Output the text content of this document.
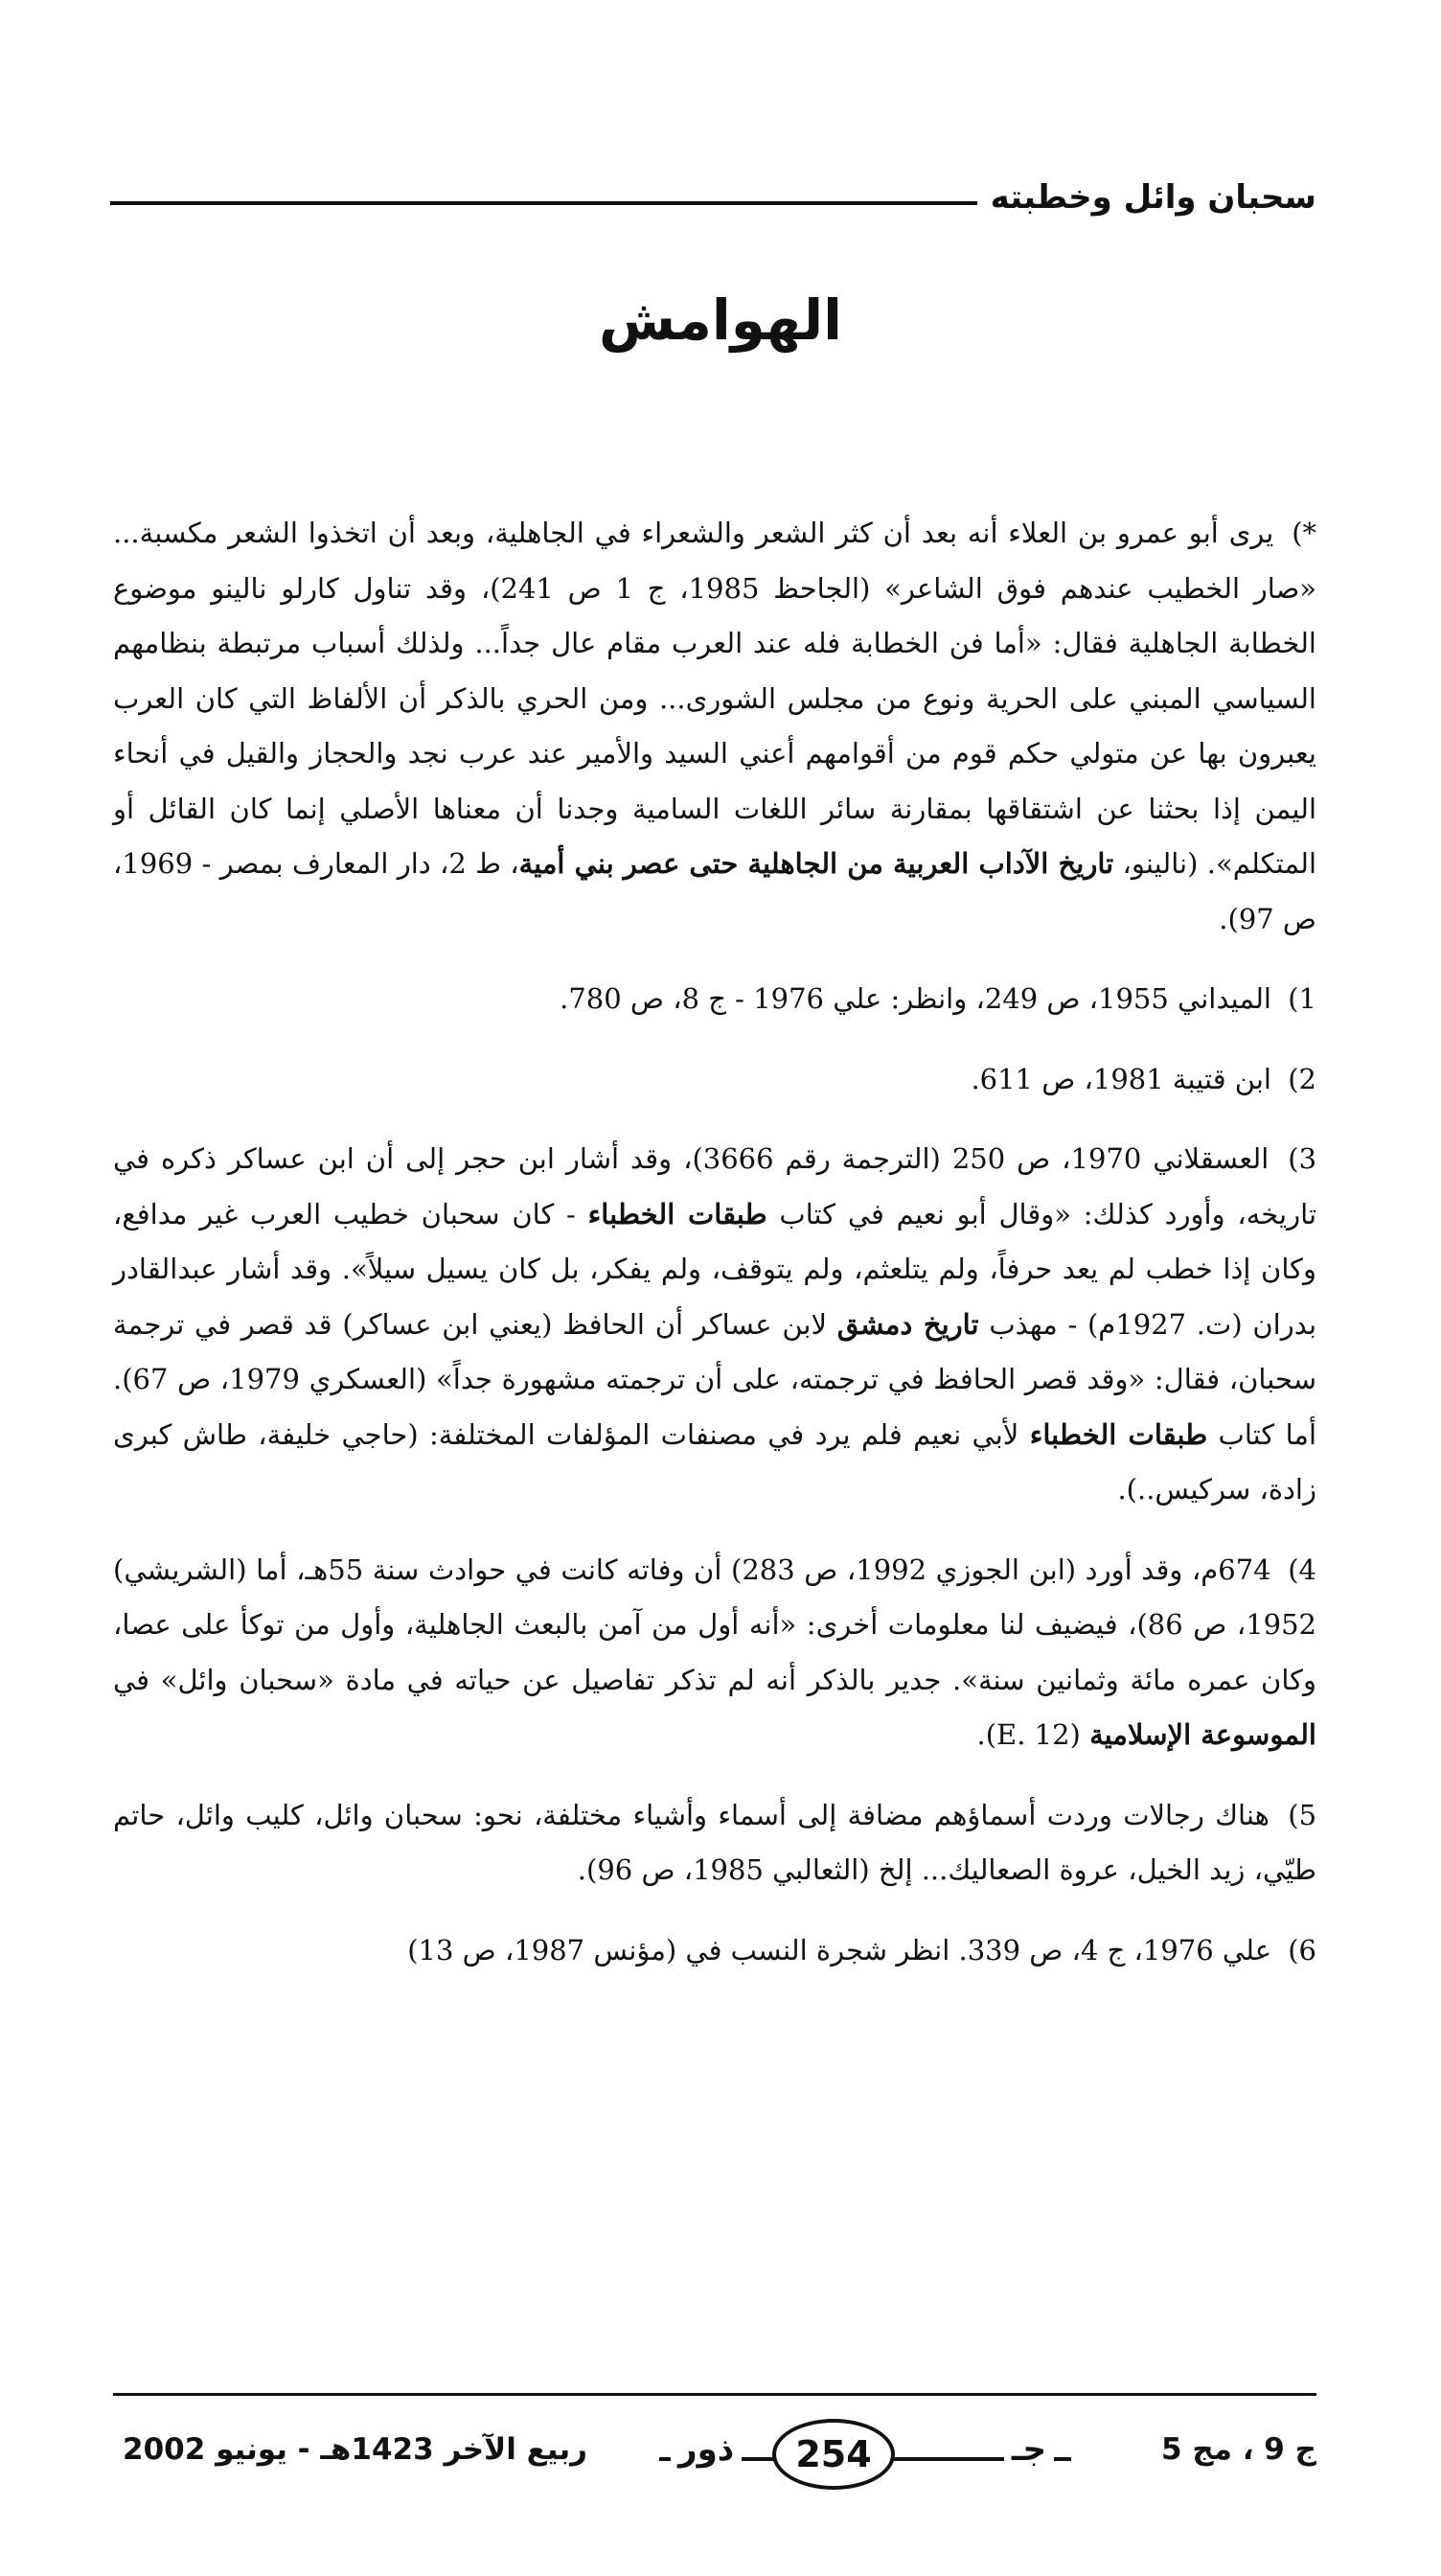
سحبان وائل وخطبته
الهوامش

*) يرى أبو عمرو بن العلاء أنه بعد أن كثر الشعر والشعراء في الجاهلية، وبعد أن اتخذوا الشعر مكسبة... «صار الخطيب عندهم فوق الشاعر» (الجاحظ 1985، ج 1 ص 241)، وقد تناول كارلو نالينو موضوع الخطابة الجاهلية فقال: «أما فن الخطابة فله عند العرب مقام عال جداً... ولذلك أسباب مرتبطة بنظامهم السياسي المبني على الحرية ونوع من مجلس الشورى... ومن الحري بالذكر أن الألفاظ التي كان العرب يعبرون بها عن متولي حكم قوم من أقوامهم أعني السيد والأمير عند عرب نجد والحجاز والقيل في أنحاء اليمن إذا بحثنا عن اشتقاقها بمقارنة سائر اللغات السامية وجدنا أن معناها الأصلي إنما كان القائل أو المتكلم». (نالينو، تاريخ الآداب العربية من الجاهلية حتى عصر بني أمية، ط 2، دار المعارف بمصر - 1969، ص 97).

1) الميداني 1955، ص 249، وانظر: علي 1976 - ج 8، ص 780.

2) ابن قتيبة 1981، ص 611.

3) العسقلاني 1970، ص 250 (الترجمة رقم 3666)، وقد أشار ابن حجر إلى أن ابن عساكر ذكره في تاريخه، وأورد كذلك: «وقال أبو نعيم في كتاب طبقات الخطباء - كان سحبان خطيب العرب غير مدافع، وكان إذا خطب لم يعد حرفاً، ولم يتلعثم، ولم يتوقف، ولم يفكر، بل كان يسيل سيلاً». وقد أشار عبدالقادر بدران (ت. 1927م) - مهذب تاريخ دمشق لابن عساكر أن الحافظ (يعني ابن عساكر) قد قصر في ترجمة سحبان، فقال: «وقد قصر الحافظ في ترجمته، على أن ترجمته مشهورة جداً» (العسكري 1979، ص 67). أما كتاب طبقات الخطباء لأبي نعيم فلم يرد في مصنفات المؤلفات المختلفة: (حاجي خليفة، طاش كبرى زادة، سركيس..).

4) 674م، وقد أورد (ابن الجوزي 1992، ص 283) أن وفاته كانت في حوادث سنة 55هـ، أما (الشريشي) 1952، ص 86)، فيضيف لنا معلومات أخرى: «أنه أول من آمن بالبعث الجاهلية، وأول من توكأ على عصا، وكان عمره مائة وثمانين سنة». جدير بالذكر أنه لم تذكر تفاصيل عن حياته في مادة «سحبان وائل» في الموسوعة الإسلامية (E. 12).

5) هناك رجالات وردت أسماؤهم مضافة إلى أسماء وأشياء مختلفة، نحو: سحبان وائل، كليب وائل، حاتم طيّي، زيد الخيل، عروة الصعاليك... إلخ (الثعالبي 1985، ص 96).

6) علي 1976، ج 4، ص 339. انظر شجرة النسب في (مؤنس 1987، ص 13)

ربيع الآخر 1423هـ - يونيو 2002	ذور	254	جـ	ج 9 ، مج 5
